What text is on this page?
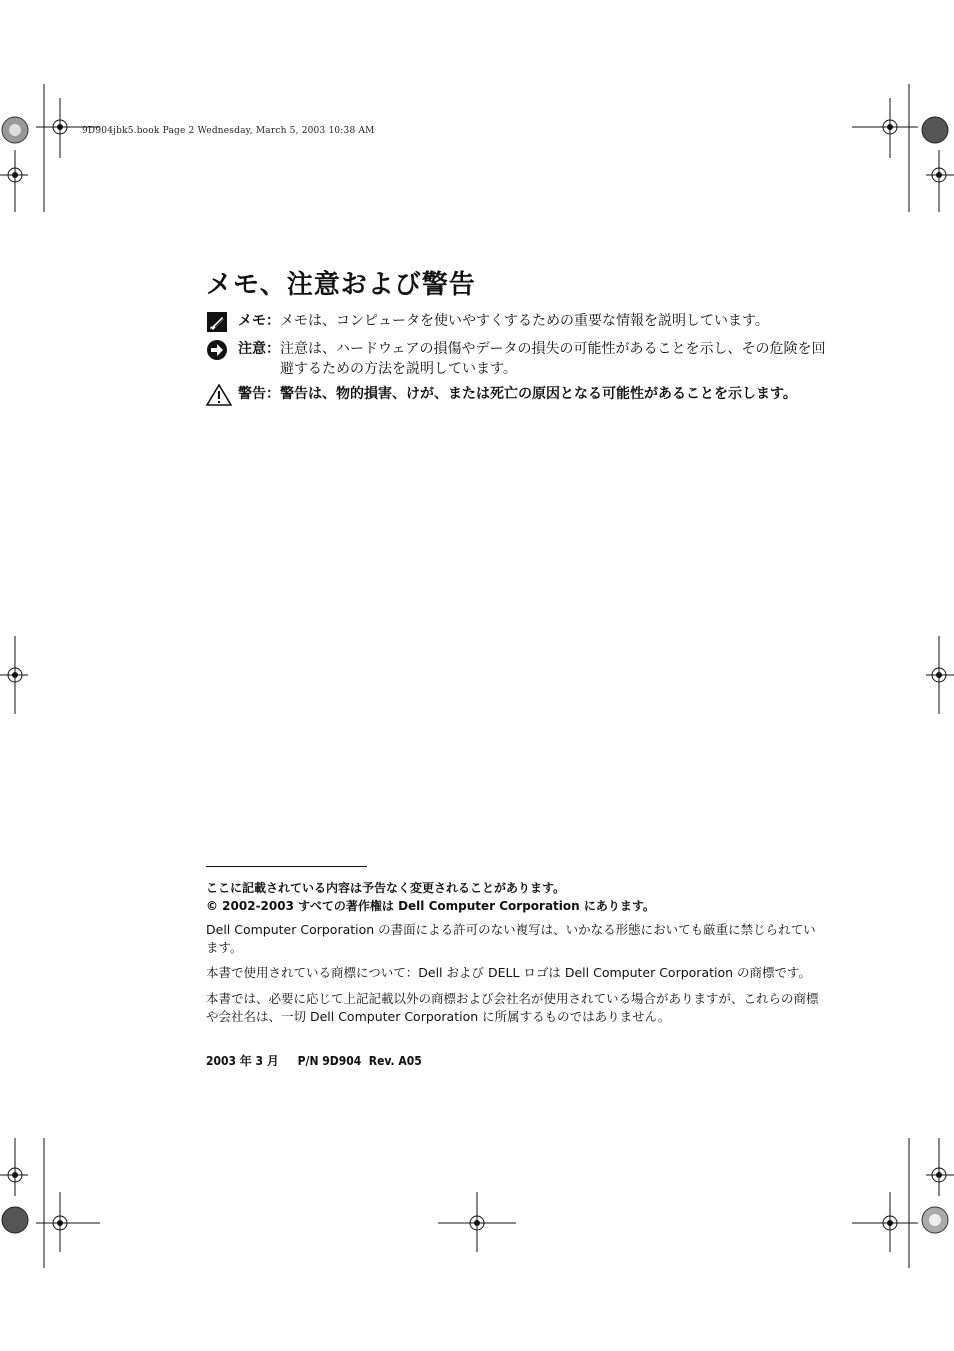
9D904jbk5.book Page 2 Wednesday, March 5, 2003 10:38 AM
メモ、注意および警告
メモ： メモは、コンピュータを使いやすくするための重要な情報を説明しています。
注意： 注意は、ハードウェアの損傷やデータの損失の可能性があることを示し、その危険を回避するための方法を説明しています。
警告： 警告は、物的損害、けが、または死亡の原因となる可能性があることを示します。
ここに記載されている内容は予告なく変更されることがあります。
© 2002-2003 すべての著作権は Dell Computer Corporation にあります。
Dell Computer Corporation の書面による許可のない複写は、いかなる形態においても厳重に禁じられています。
本書で使用されている商標について：Dell および DELL ロゴは Dell Computer Corporation の商標です。
本書では、必要に応じて上記記載以外の商標および会社名が使用されている場合がありますが、これらの商標や会社名は、一切 Dell Computer Corporation に所属するものではありません。
2003 年 3 月 P/N 9D904  Rev. A05
